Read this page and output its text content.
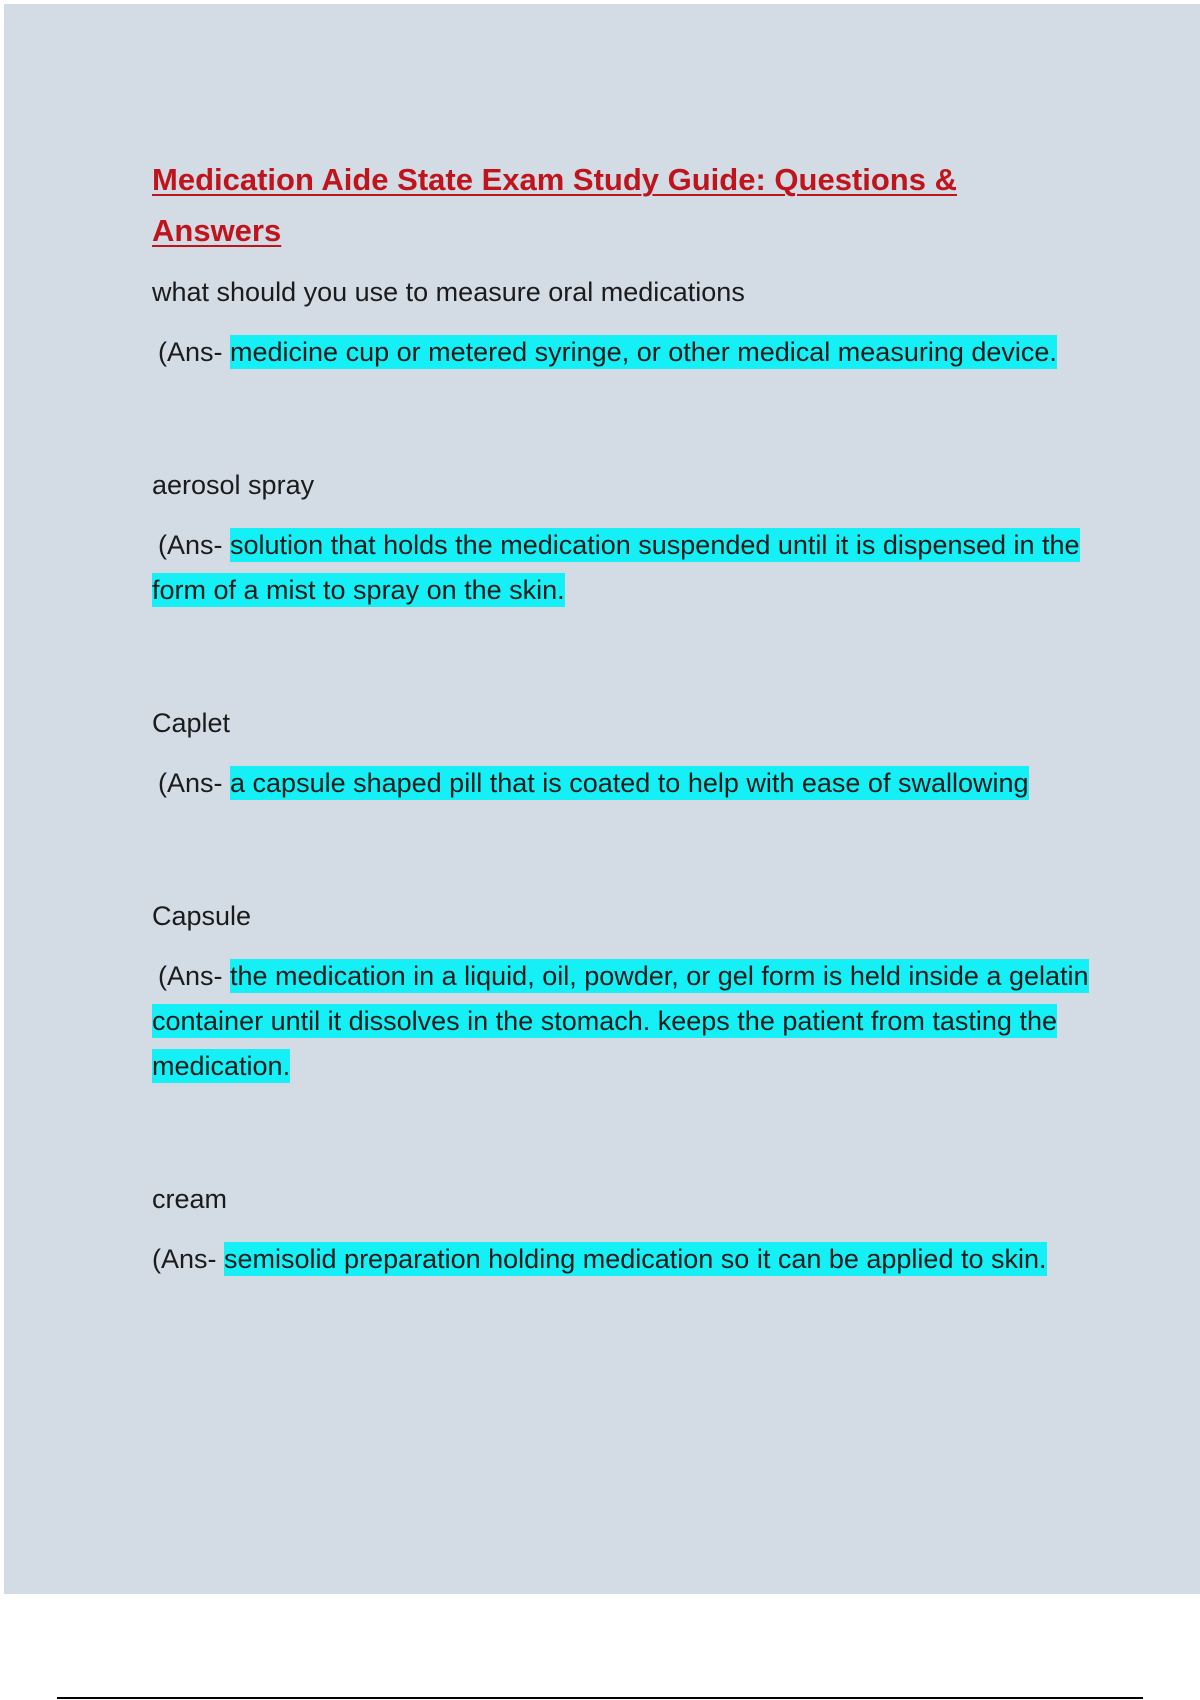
Medication Aide State Exam Study Guide: Questions & Answers

what should you use to measure oral medications

(Ans- medicine cup or metered syringe, or other medical measuring device.

aerosol spray

(Ans- solution that holds the medication suspended until it is dispensed in the form of a mist to spray on the skin.

Caplet

(Ans- a capsule shaped pill that is coated to help with ease of swallowing

Capsule

(Ans- the medication in a liquid, oil, powder, or gel form is held inside a gelatin container until it dissolves in the stomach. keeps the patient from tasting the medication.

cream

(Ans- semisolid preparation holding medication so it can be applied to skin.
